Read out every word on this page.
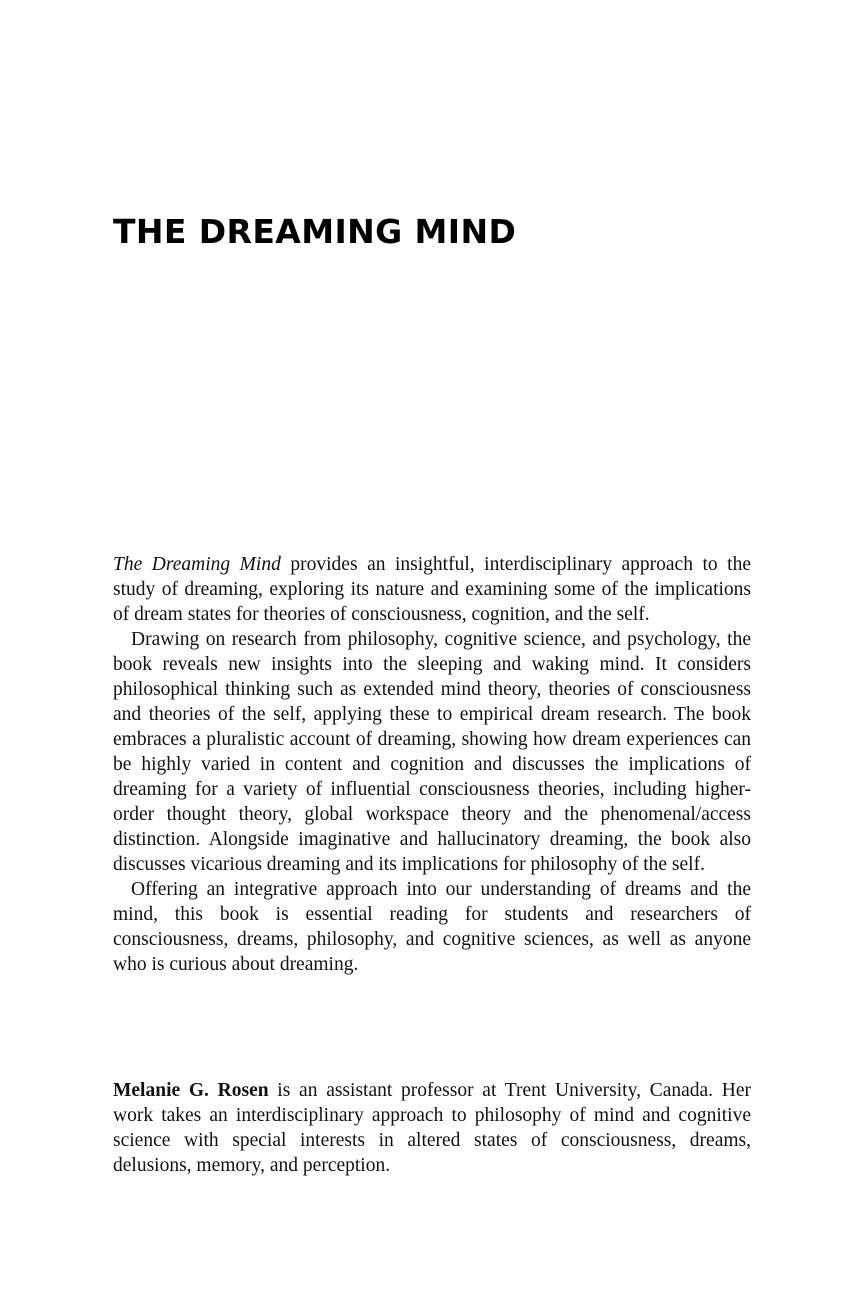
THE DREAMING MIND

The Dreaming Mind provides an insightful, interdisciplinary approach to the study of dreaming, exploring its nature and examining some of the implications of dream states for theories of consciousness, cognition, and the self.

Drawing on research from philosophy, cognitive science, and psychology, the book reveals new insights into the sleeping and waking mind. It considers philosophical thinking such as extended mind theory, theories of consciousness and theories of the self, applying these to empirical dream research. The book embraces a pluralistic account of dreaming, showing how dream experiences can be highly varied in content and cognition and discusses the implications of dreaming for a variety of influential consciousness theories, including higher-order thought theory, global workspace theory and the phenomenal/access distinction. Alongside imaginative and hallucinatory dreaming, the book also discusses vicarious dreaming and its implications for philosophy of the self.

Offering an integrative approach into our understanding of dreams and the mind, this book is essential reading for students and researchers of consciousness, dreams, philosophy, and cognitive sciences, as well as anyone who is curious about dreaming.

Melanie G. Rosen is an assistant professor at Trent University, Canada. Her work takes an interdisciplinary approach to philosophy of mind and cognitive science with special interests in altered states of consciousness, dreams, delusions, memory, and perception.
